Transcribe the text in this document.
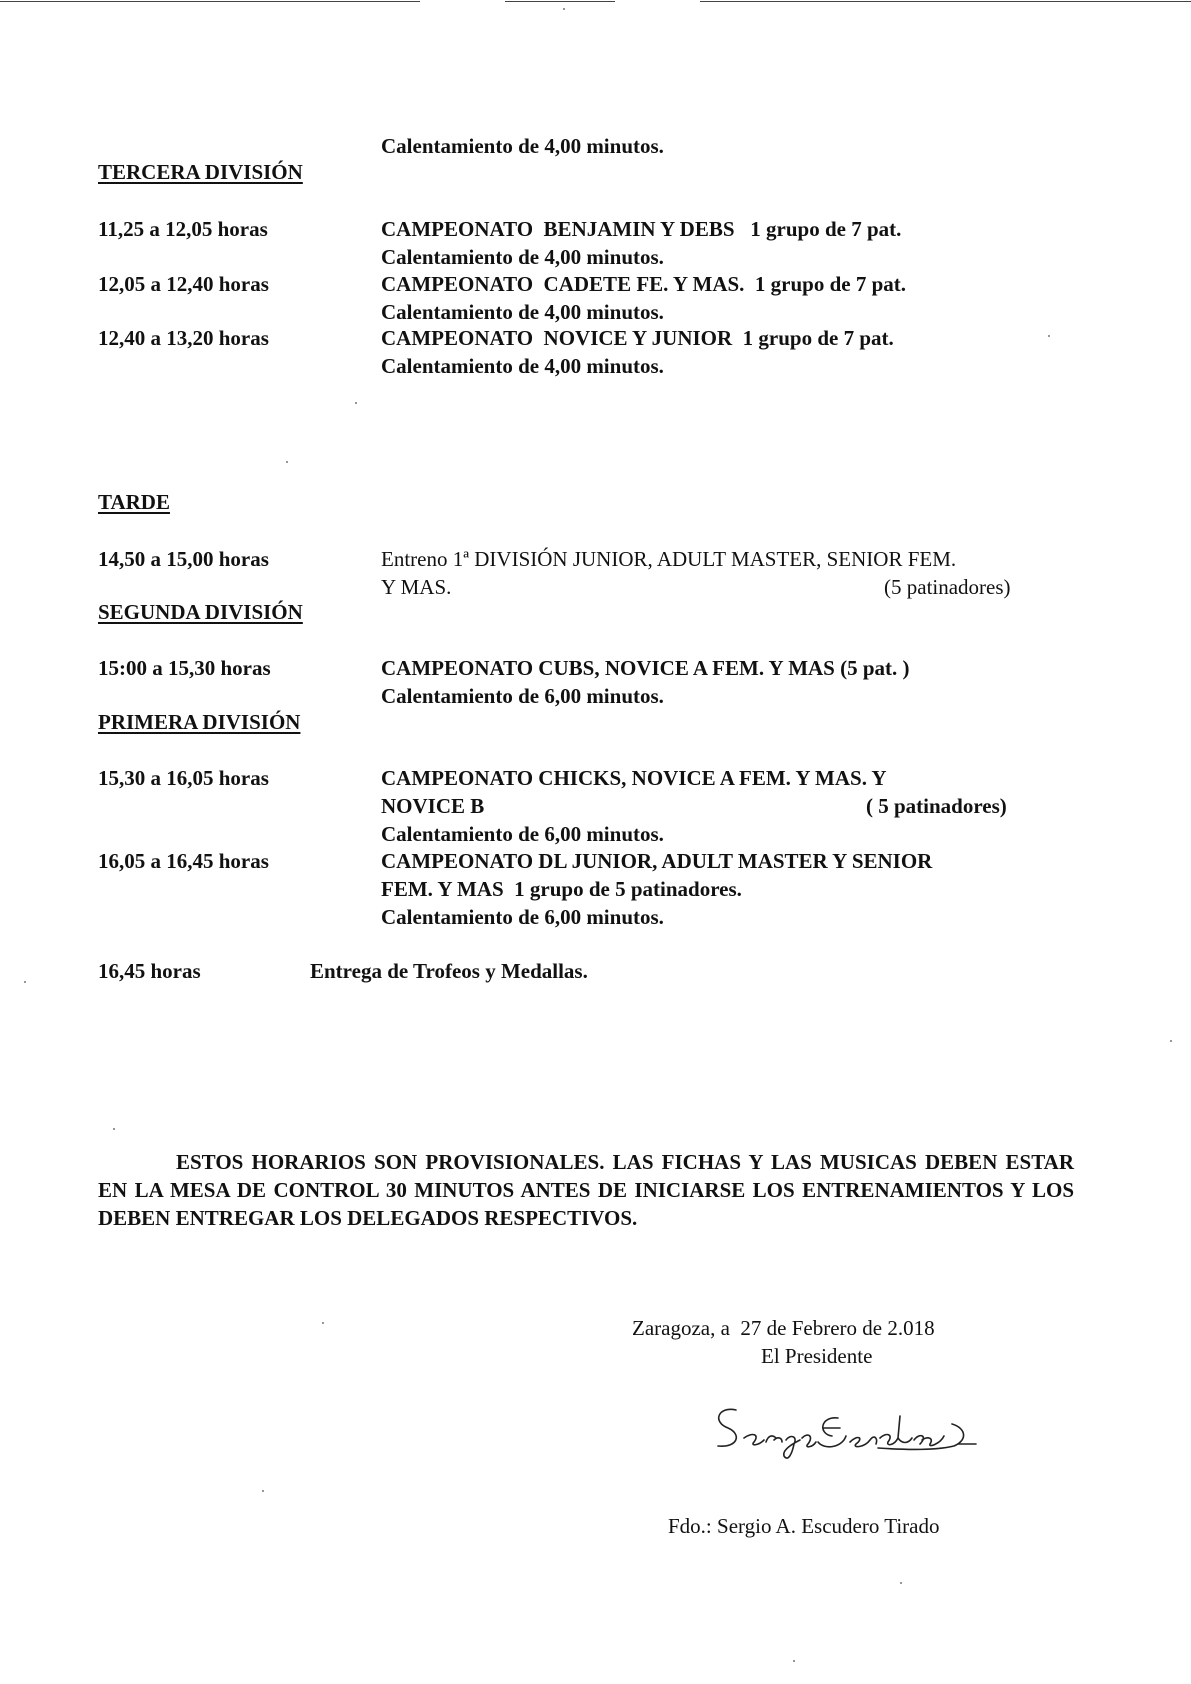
Calentamiento de 4,00 minutos.
TERCERA DIVISIÓN
11,25 a 12,05 horas	CAMPEONATO  BENJAMIN Y DEBS   1 grupo de 7 pat.
Calentamiento de 4,00 minutos.
12,05 a 12,40 horas	CAMPEONATO  CADETE FE. Y MAS.  1 grupo de 7 pat.
Calentamiento de 4,00 minutos.
12,40 a 13,20 horas	CAMPEONATO  NOVICE Y JUNIOR  1 grupo de 7 pat.
Calentamiento de 4,00 minutos.
TARDE
14,50 a 15,00 horas	Entreno 1ª DIVISIÓN JUNIOR, ADULT MASTER, SENIOR FEM.
Y MAS.	(5 patinadores)
SEGUNDA DIVISIÓN
15:00 a 15,30 horas	CAMPEONATO CUBS, NOVICE A FEM. Y MAS (5 pat. )
Calentamiento de 6,00 minutos.
PRIMERA DIVISIÓN
15,30 a 16,05 horas	CAMPEONATO CHICKS, NOVICE A FEM. Y MAS. Y
NOVICE B	( 5 patinadores)
Calentamiento de 6,00 minutos.
16,05 a 16,45 horas	CAMPEONATO DL JUNIOR, ADULT MASTER Y SENIOR
FEM. Y MAS  1 grupo de 5 patinadores.
Calentamiento de 6,00 minutos.
16,45 horas	Entrega de Trofeos y Medallas.
ESTOS HORARIOS SON PROVISIONALES. LAS FICHAS Y LAS MUSICAS DEBEN ESTAR EN LA MESA DE CONTROL 30 MINUTOS ANTES DE INICIARSE LOS ENTRENAMIENTOS Y LOS DEBEN ENTREGAR LOS DELEGADOS RESPECTIVOS.
Zaragoza, a  27 de Febrero de 2.018
El Presidente
Fdo.: Sergio A. Escudero Tirado
